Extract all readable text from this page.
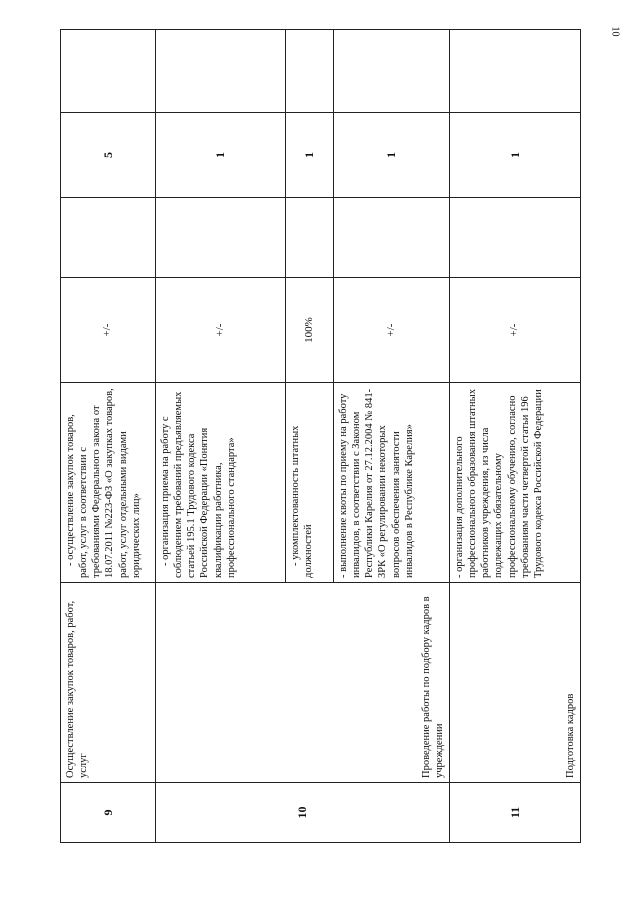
10
9	Осуществление закупок товаров, работ, услуг	- осуществление закупок товаров, работ, услуг в соответствии с требованиями Федерального закона от 18.07.2011 №223-ФЗ «О закупках товаров, работ, услуг отдельными видами юридических лиц»	+/-		5	
10	Проведение работы по подбору кадров в учреждении	- организация приема на работу с соблюдением требований предъявляемых статьей 195.1 Трудового кодекса Российской Федерации «Понятия квалификации работника, профессионального стандарта»	+/-		1	
		- укомплектованность штатных должностей	100%		1	
		- выполнение квоты по приему на работу инвалидов, в соответствии с Законом Республики Карелия от 27.12.2004 № 841-ЗРК «О регулировании некоторых вопросов обеспечения занятости инвалидов в Республике Карелия»	+/-		1	
11	Подготовка кадров	- организация дополнительного профессионального образования штатных работников учреждения, из числа подлежащих обязательному профессиональному обучению, согласно требованиям части четвертой статьи 196 Трудового кодекса Российской Федерации	+/-		1	
